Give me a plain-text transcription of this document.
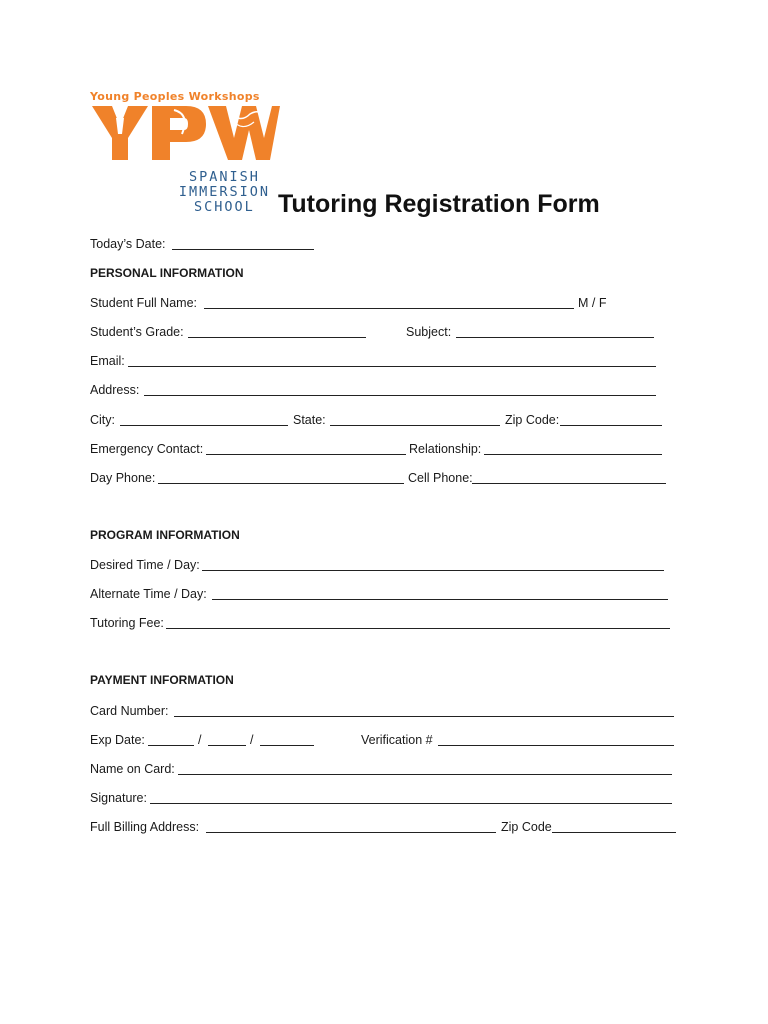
Young Peoples Workshops
SPANISH
IMMERSION
SCHOOL Tutoring Registration Form
Today’s Date:
PERSONAL INFORMATION
Student Full Name:	M / F
Student’s Grade:	Subject:
Email:
Address:
City:	State:	Zip Code:
Emergency Contact:	Relationship:
Day Phone:	Cell Phone:
PROGRAM INFORMATION
Desired Time / Day:
Alternate Time / Day:
Tutoring Fee:
PAYMENT INFORMATION
Card Number:
Exp Date:	/	/	Verification #
Name on Card:
Signature:
Full Billing Address:	Zip Code
